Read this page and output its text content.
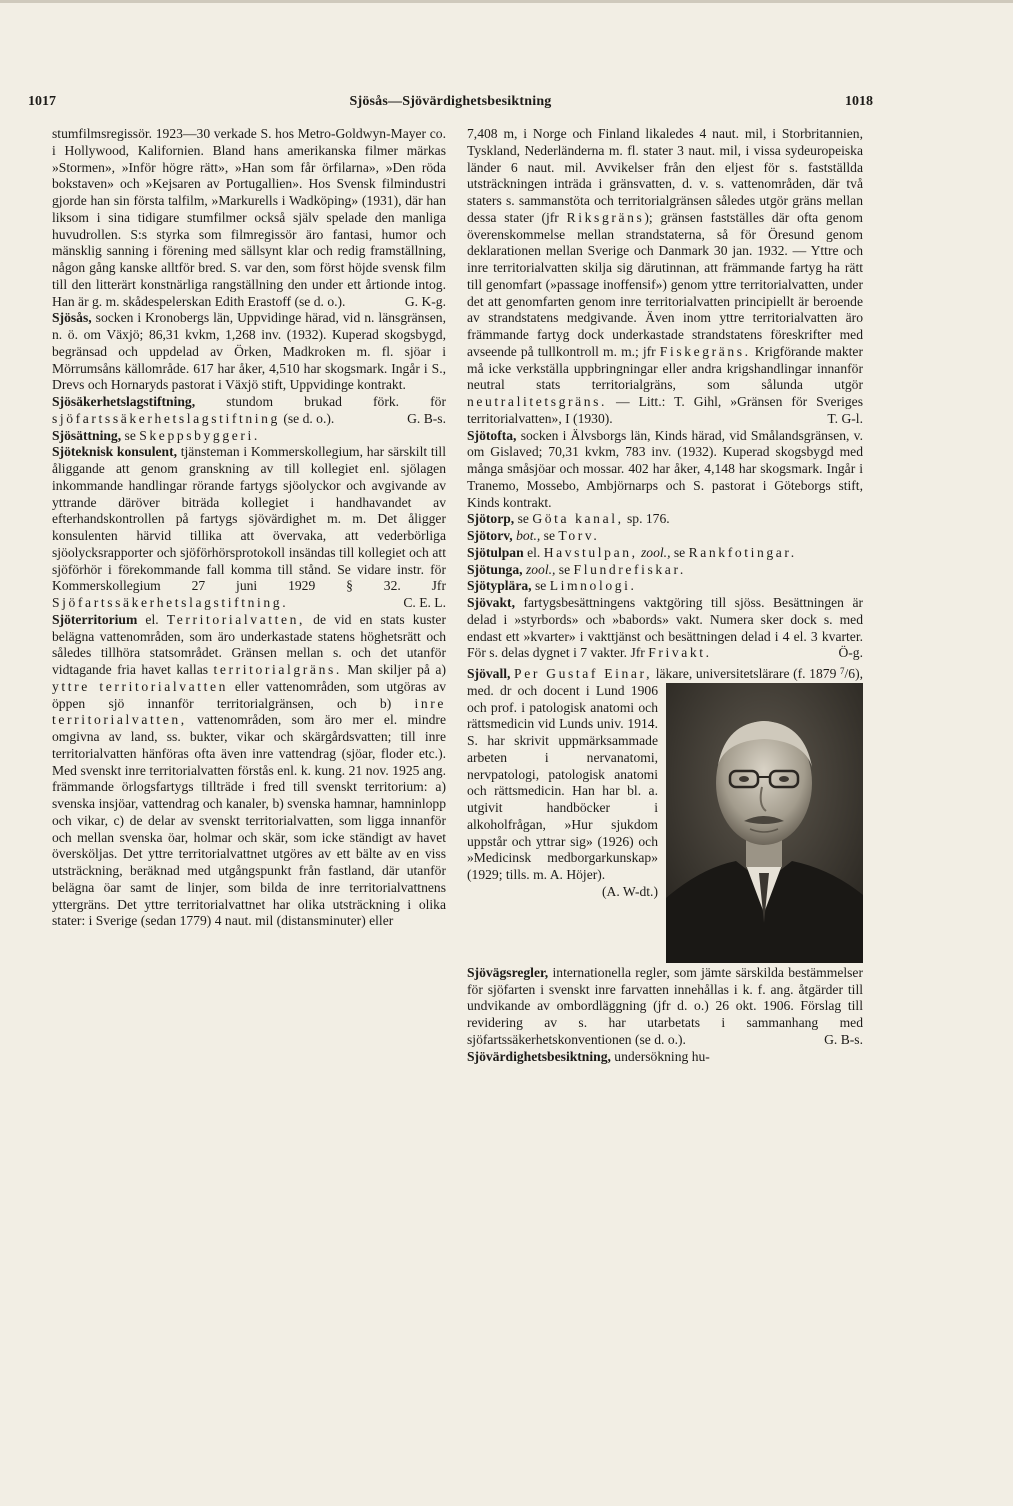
1017	Sjösås—Sjövärdighetsbesiktning	1018

stumfilmsregissör. 1923—30 verkade S. hos Metro-Goldwyn-Mayer co. i Hollywood, Kalifornien. Bland hans amerikanska filmer märkas »Stormen», »Inför högre rätt», »Han som får örfilarna», »Den röda bokstaven» och »Kejsaren av Portugallien». Hos Svensk filmindustri gjorde han sin första talfilm, »Markurells i Wadköping» (1931), där han liksom i sina tidigare stumfilmer också själv spelade den manliga huvudrollen. S:s styrka som filmregissör äro fantasi, humor och mänsklig sanning i förening med sällsynt klar och redig framställning, någon gång kanske alltför bred. S. var den, som först höjde svensk film till den litterärt konstnärliga rangställning den under ett årtionde intog. Han är g. m. skådespelerskan Edith Erastoff (se d. o.).	G. K-g.

Sjösås, socken i Kronobergs län, Uppvidinge härad, vid n. länsgränsen, n. ö. om Växjö; 86,31 kvkm, 1,268 inv. (1932). Kuperad skogsbygd, begränsad och uppdelad av Örken, Madkroken m. fl. sjöar i Mörrumsåns källområde. 617 har åker, 4,510 har skogsmark. Ingår i S., Drevs och Hornaryds pastorat i Växjö stift, Uppvidinge kontrakt.

Sjösäkerhetslagstiftning, stundom brukad förk. för sjöfartssäkerhetslagstiftning (se d. o.).	G. B-s.

Sjösättning, se Skeppsbyggeri.

Sjöteknisk konsulent, tjänsteman i Kommerskollegium, har särskilt till åliggande att genom granskning av till kollegiet enl. sjölagen inkommande handlingar rörande fartygs sjöolyckor och avgivande av yttrande däröver biträda kollegiet i handhavandet av efterhandskontrollen på fartygs sjövärdighet m. m. Det åligger konsulenten härvid tillika att övervaka, att vederbörliga sjöolycksrapporter och sjöförhörsprotokoll insändas till kollegiet och att sjöförhör i förekommande fall komma till stånd. Se vidare instr. för Kommerskollegium 27 juni 1929 § 32. Jfr Sjöfartssäkerhetslagstiftning.	C. E. L.

Sjöterritorium el. Territorialvatten, de vid en stats kuster belägna vattenområden, som äro underkastade statens höghetsrätt och således tillhöra statsområdet. Gränsen mellan s. och det utanför vidtagande fria havet kallas territorialgräns. Man skiljer på a) yttre territorialvatten eller vattenområden, som utgöras av öppen sjö innanför territorialgränsen, och b) inre territorialvatten, vattenområden, som äro mer el. mindre omgivna av land, ss. bukter, vikar och skärgårdsvatten; till inre territorialvatten hänföras ofta även inre vattendrag (sjöar, floder etc.). Med svenskt inre territorialvatten förstås enl. k. kung. 21 nov. 1925 ang. främmande örlogsfartygs tillträde i fred till svenskt territorium: a) svenska insjöar, vattendrag och kanaler, b) svenska hamnar, hamninlopp och vikar, c) de delar av svenskt territorialvatten, som ligga innanför och mellan svenska öar, holmar och skär, som icke ständigt av havet översköljas. Det yttre territorialvattnet utgöres av ett bälte av en viss utsträckning, beräknad med utgångspunkt från fastland, där utanför belägna öar samt de linjer, som bilda de inre territorialvattnens yttergräns. Det yttre territorialvattnet har olika utsträckning i olika stater: i Sverige (sedan 1779) 4 naut. mil (distansminuter) eller

7,408 m, i Norge och Finland likaledes 4 naut. mil, i Storbritannien, Tyskland, Nederländerna m. fl. stater 3 naut. mil, i vissa sydeuropeiska länder 6 naut. mil. Avvikelser från den eljest för s. fastställda utsträckningen inträda i gränsvatten, d. v. s. vattenområden, där två staters s. sammanstöta och territorialgränsen således utgör gräns mellan dessa stater (jfr Riksgräns); gränsen fastställes där ofta genom överenskommelse mellan strandstaterna, så för Öresund genom deklarationen mellan Sverige och Danmark 30 jan. 1932. — Yttre och inre territorialvatten skilja sig därutinnan, att främmande fartyg ha rätt till genomfart (»passage inoffensif») genom yttre territorialvatten, under det att genomfarten genom inre territorialvatten principiellt är beroende av strandstatens medgivande. Även inom yttre territorialvatten äro främmande fartyg dock underkastade strandstatens föreskrifter med avseende på tullkontroll m. m.; jfr Fiskegräns. Krigförande makter må icke verkställa uppbringningar eller andra krigshandlingar innanför neutral stats territorialgräns, som sålunda utgör neutralitetsgräns. — Litt.: T. Gihl, »Gränsen för Sveriges territorialvatten», I (1930).	T. G-l.

Sjötofta, socken i Älvsborgs län, Kinds härad, vid Smålandsgränsen, v. om Gislaved; 70,31 kvkm, 783 inv. (1932). Kuperad skogsbygd med många småsjöar och mossar. 402 har åker, 4,148 har skogsmark. Ingår i Tranemo, Mossebo, Ambjörnarps och S. pastorat i Göteborgs stift, Kinds kontrakt.

Sjötorp, se Göta kanal, sp. 176.

Sjötorv, bot., se Torv.

Sjötulpan el. Havstulpan, zool., se Rankfotingar.

Sjötunga, zool., se Flundrefiskar.

Sjötyplära, se Limnologi.

Sjövakt, fartygsbesättningens vaktgöring till sjöss. Besättningen är delad i »styrbords» och »babords» vakt. Numera sker dock s. med endast ett »kvarter» i vakttjänst och besättningen delad i 4 el. 3 kvarter. För s. delas dygnet i 7 vakter. Jfr Frivakt.	Ö-g.

Sjövall, Per Gustaf Einar, läkare, universitetslärare (f. 1879 $^7$/6
), med. dr och docent i Lund 1906 och prof. i patologisk anatomi och rättsmedicin vid Lunds univ. 1914. S. har skrivit uppmärksammade arbeten i nervanatomi, nervpatologi, patologisk anatomi och rättsmedicin. Han har bl. a. utgivit handböcker i alkoholfrågan, »Hur sjukdom uppstår och yttrar sig» (1926) och »Medicinsk medborgarkunskap» (1929; tills. m. A. Höjer).
(A. W-dt.)

Sjövägsregler, internationella regler, som jämte särskilda bestämmelser för sjöfarten i svenskt inre farvatten innehållas i k. f. ang. åtgärder till undvikande av ombordläggning (jfr d. o.) 26 okt. 1906. Förslag till revidering av s. har utarbetats i sammanhang med sjöfartssäkerhetskonventionen (se d. o.).	G. B-s.

Sjövärdighetsbesiktning, undersökning hu-
